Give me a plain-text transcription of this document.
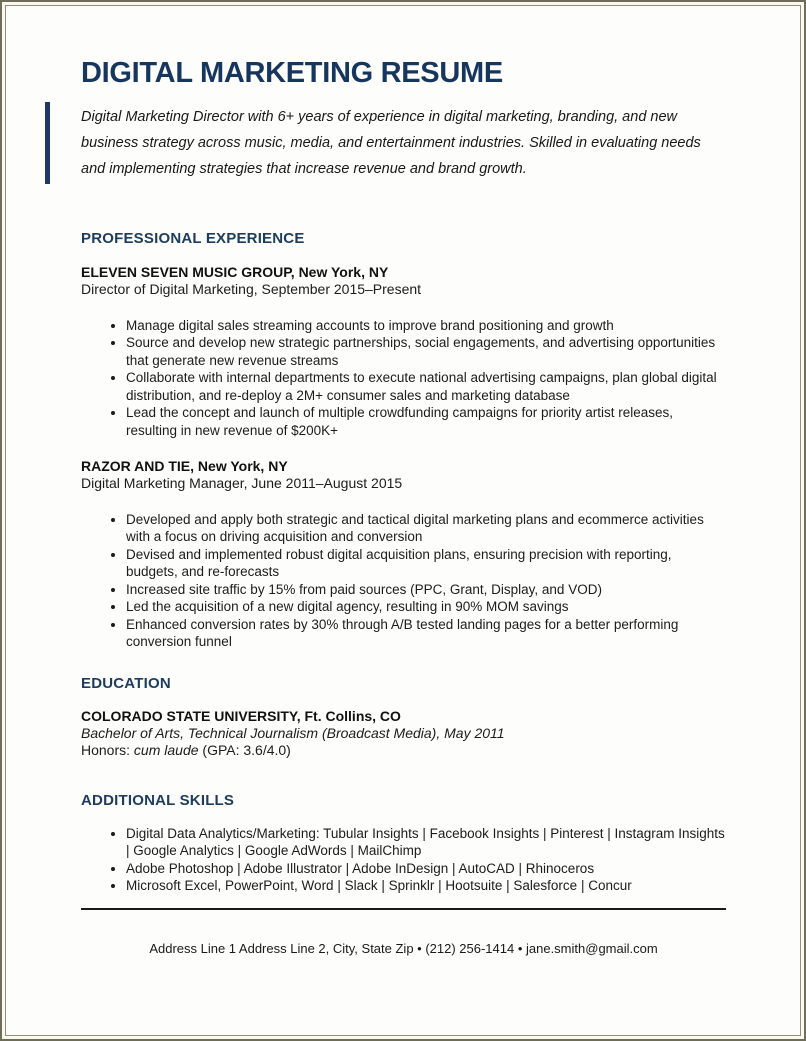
DIGITAL MARKETING RESUME

Digital Marketing Director with 6+ years of experience in digital marketing, branding, and new business strategy across music, media, and entertainment industries. Skilled in evaluating needs and implementing strategies that increase revenue and brand growth.

PROFESSIONAL EXPERIENCE
ELEVEN SEVEN MUSIC GROUP, New York, NY
Director of Digital Marketing, September 2015–Present
• Manage digital sales streaming accounts to improve brand positioning and growth
• Source and develop new strategic partnerships, social engagements, and advertising opportunities that generate new revenue streams
• Collaborate with internal departments to execute national advertising campaigns, plan global digital distribution, and re-deploy a 2M+ consumer sales and marketing database
• Lead the concept and launch of multiple crowdfunding campaigns for priority artist releases, resulting in new revenue of $200K+
RAZOR AND TIE, New York, NY
Digital Marketing Manager, June 2011–August 2015
• Developed and apply both strategic and tactical digital marketing plans and ecommerce activities with a focus on driving acquisition and conversion
• Devised and implemented robust digital acquisition plans, ensuring precision with reporting, budgets, and re-forecasts
• Increased site traffic by 15% from paid sources (PPC, Grant, Display, and VOD)
• Led the acquisition of a new digital agency, resulting in 90% MOM savings
• Enhanced conversion rates by 30% through A/B tested landing pages for a better performing conversion funnel
EDUCATION
COLORADO STATE UNIVERSITY, Ft. Collins, CO
Bachelor of Arts, Technical Journalism (Broadcast Media), May 2011
Honors: cum laude (GPA: 3.6/4.0)
ADDITIONAL SKILLS
• Digital Data Analytics/Marketing: Tubular Insights | Facebook Insights | Pinterest | Instagram Insights | Google Analytics | Google AdWords | MailChimp
• Adobe Photoshop | Adobe Illustrator | Adobe InDesign | AutoCAD | Rhinoceros
• Microsoft Excel, PowerPoint, Word | Slack | Sprinklr | Hootsuite | Salesforce | Concur
Address Line 1 Address Line 2, City, State Zip • (212) 256-1414 • jane.smith@gmail.com
